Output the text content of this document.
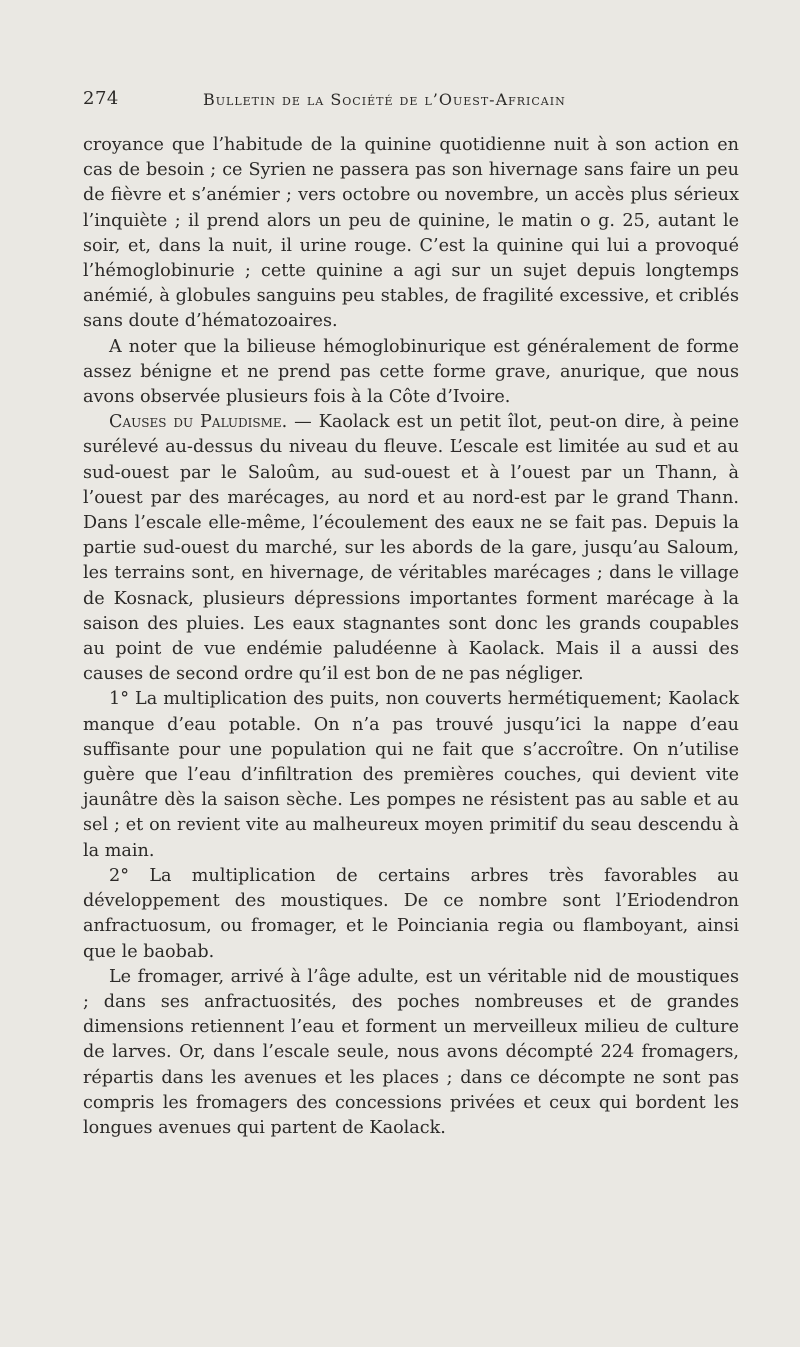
274	Bulletin de la Société de l’Ouest-Africain

croyance que l’habitude de la quinine quotidienne nuit à son action en cas de besoin ; ce Syrien ne passera pas son hivernage sans faire un peu de fièvre et s’anémier ; vers octobre ou novembre, un accès plus sérieux l’inquiète ; il prend alors un peu de quinine, le matin o g. 25, autant le soir, et, dans la nuit, il urine rouge. C’est la quinine qui lui a provoqué l’hémoglobinurie ; cette quinine a agi sur un sujet depuis longtemps anémié, à globules sanguins peu stables, de fragilité excessive, et criblés sans doute d’hématozoaires.

A noter que la bilieuse hémoglobinurique est généralement de forme assez bénigne et ne prend pas cette forme grave, anurique, que nous avons observée plusieurs fois à la Côte d’Ivoire.

Causes du Paludisme. — Kaolack est un petit îlot, peut-on dire, à peine surélevé au-dessus du niveau du fleuve. L’escale est limitée au sud et au sud-ouest par le Saloûm, au sud-ouest et à l’ouest par un Thann, à l’ouest par des marécages, au nord et au nord-est par le grand Thann. Dans l’escale elle-même, l’écoulement des eaux ne se fait pas. Depuis la partie sud-ouest du marché, sur les abords de la gare, jusqu’au Saloum, les terrains sont, en hivernage, de véritables marécages ; dans le village de Kosnack, plusieurs dépressions importantes forment marécage à la saison des pluies. Les eaux stagnantes sont donc les grands coupables au point de vue endémie paludéenne à Kaolack. Mais il a aussi des causes de second ordre qu’il est bon de ne pas négliger.

1° La multiplication des puits, non couverts hermétiquement; Kaolack manque d’eau potable. On n’a pas trouvé jusqu’ici la nappe d’eau suffisante pour une population qui ne fait que s’accroître. On n’utilise guère que l’eau d’infiltration des premières couches, qui devient vite jaunâtre dès la saison sèche. Les pompes ne résistent pas au sable et au sel ; et on revient vite au malheureux moyen primitif du seau descendu à la main.

2° La multiplication de certains arbres très favorables au développement des moustiques. De ce nombre sont l’Eriodendron anfractuosum, ou fromager, et le Poinciania regia ou flamboyant, ainsi que le baobab.

Le fromager, arrivé à l’âge adulte, est un véritable nid de moustiques ; dans ses anfractuosités, des poches nombreuses et de grandes dimensions retiennent l’eau et forment un merveilleux milieu de culture de larves. Or, dans l’escale seule, nous avons décompté 224 fromagers, répartis dans les avenues et les places ; dans ce décompte ne sont pas compris les fromagers des concessions privées et ceux qui bordent les longues avenues qui partent de Kaolack.
